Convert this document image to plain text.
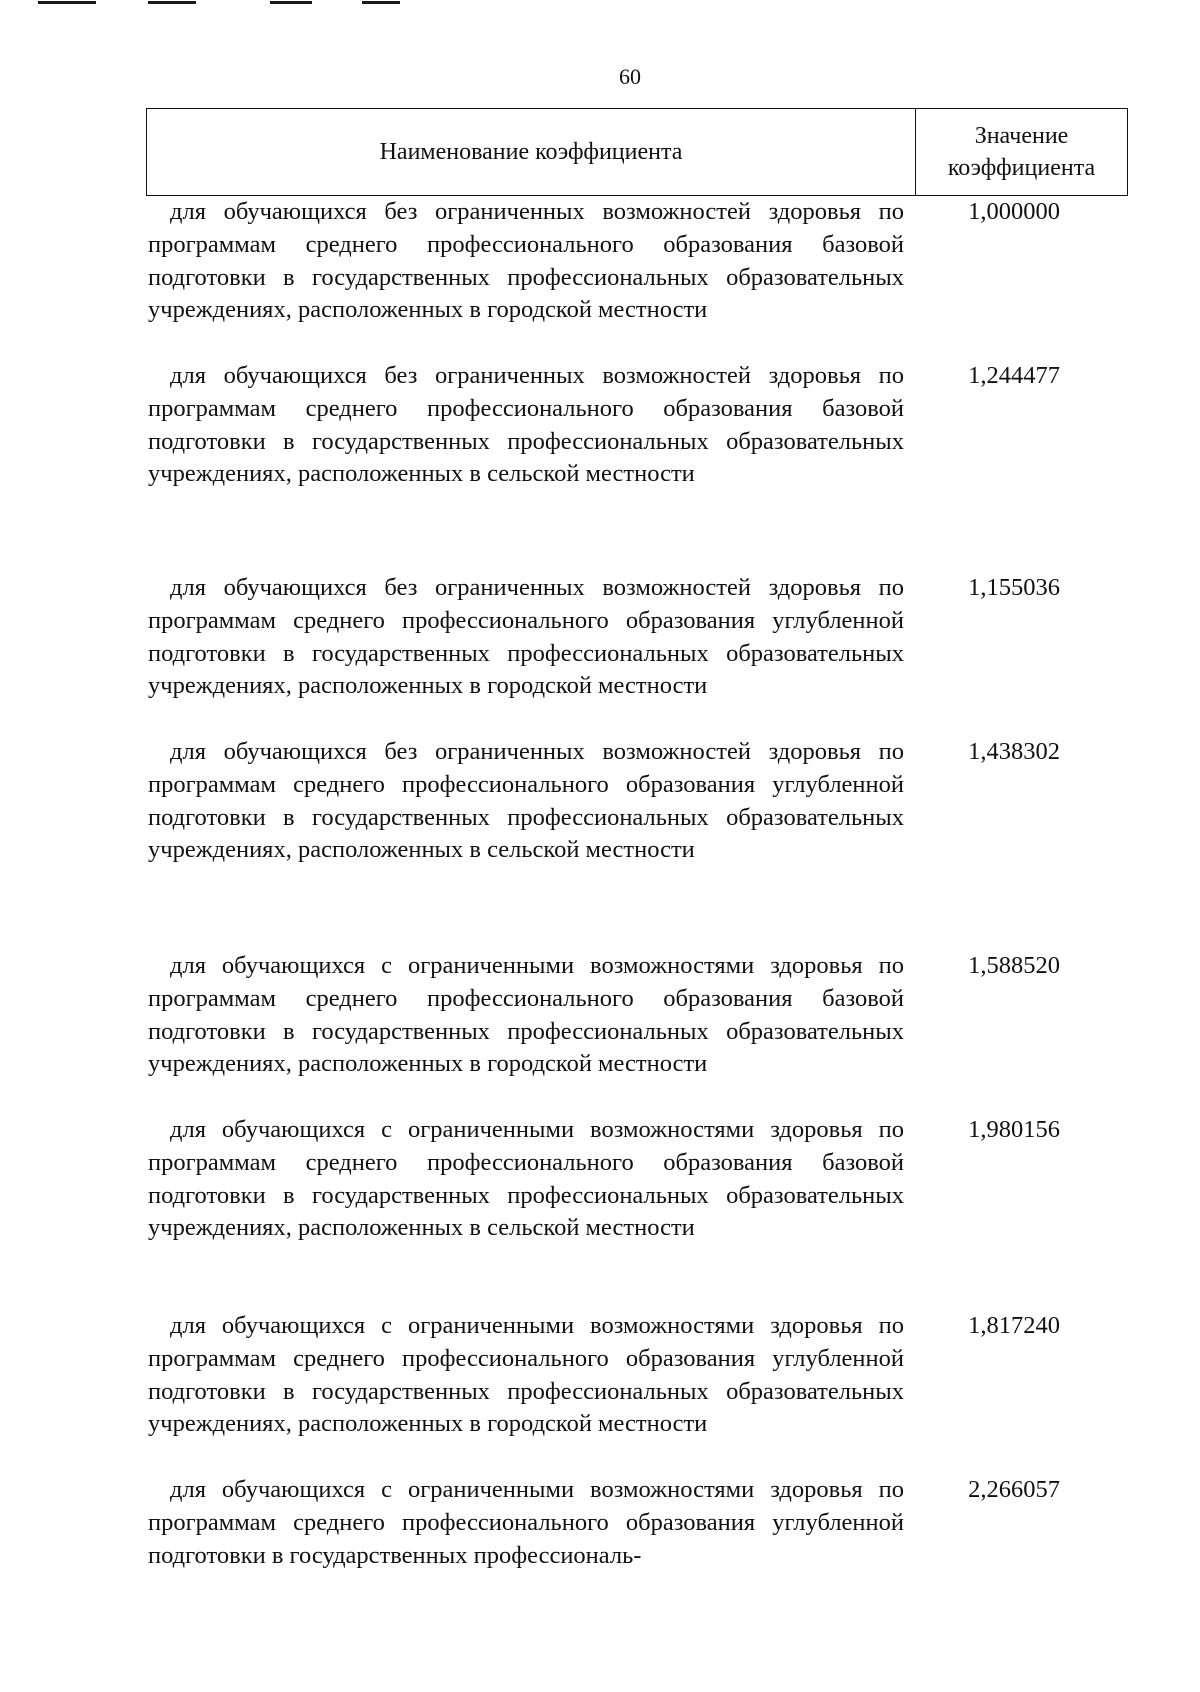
60
Наименование коэффициента
Значение коэффициента
для обучающихся без ограниченных возможностей здоровья по программам среднего профессионального образования базовой подготовки в государственных профессиональных образовательных учреждениях, расположенных в городской местности
1,000000
для обучающихся без ограниченных возможностей здоровья по программам среднего профессионального образования базовой подготовки в государственных профессиональных образовательных учреждениях, расположенных в сельской местности
1,244477
для обучающихся без ограниченных возможностей здоровья по программам среднего профессионального образования углубленной подготовки в государственных профессиональных образовательных учреждениях, расположенных в городской местности
1,155036
для обучающихся без ограниченных возможностей здоровья по программам среднего профессионального образования углубленной подготовки в государственных профессиональных образовательных учреждениях, расположенных в сельской местности
1,438302
для обучающихся с ограниченными возможностями здоровья по программам среднего профессионального образования базовой подготовки в государственных профессиональных образовательных учреждениях, расположенных в городской местности
1,588520
для обучающихся с ограниченными возможностями здоровья по программам среднего профессионального образования базовой подготовки в государственных профессиональных образовательных учреждениях, расположенных в сельской местности
1,980156
для обучающихся с ограниченными возможностями здоровья по программам среднего профессионального образования углубленной подготовки в государственных профессиональных образовательных учреждениях, расположенных в городской местности
1,817240
для обучающихся с ограниченными возможностями здоровья по программам среднего профессионального образования углубленной подготовки в государственных профессиональ-
2,266057
